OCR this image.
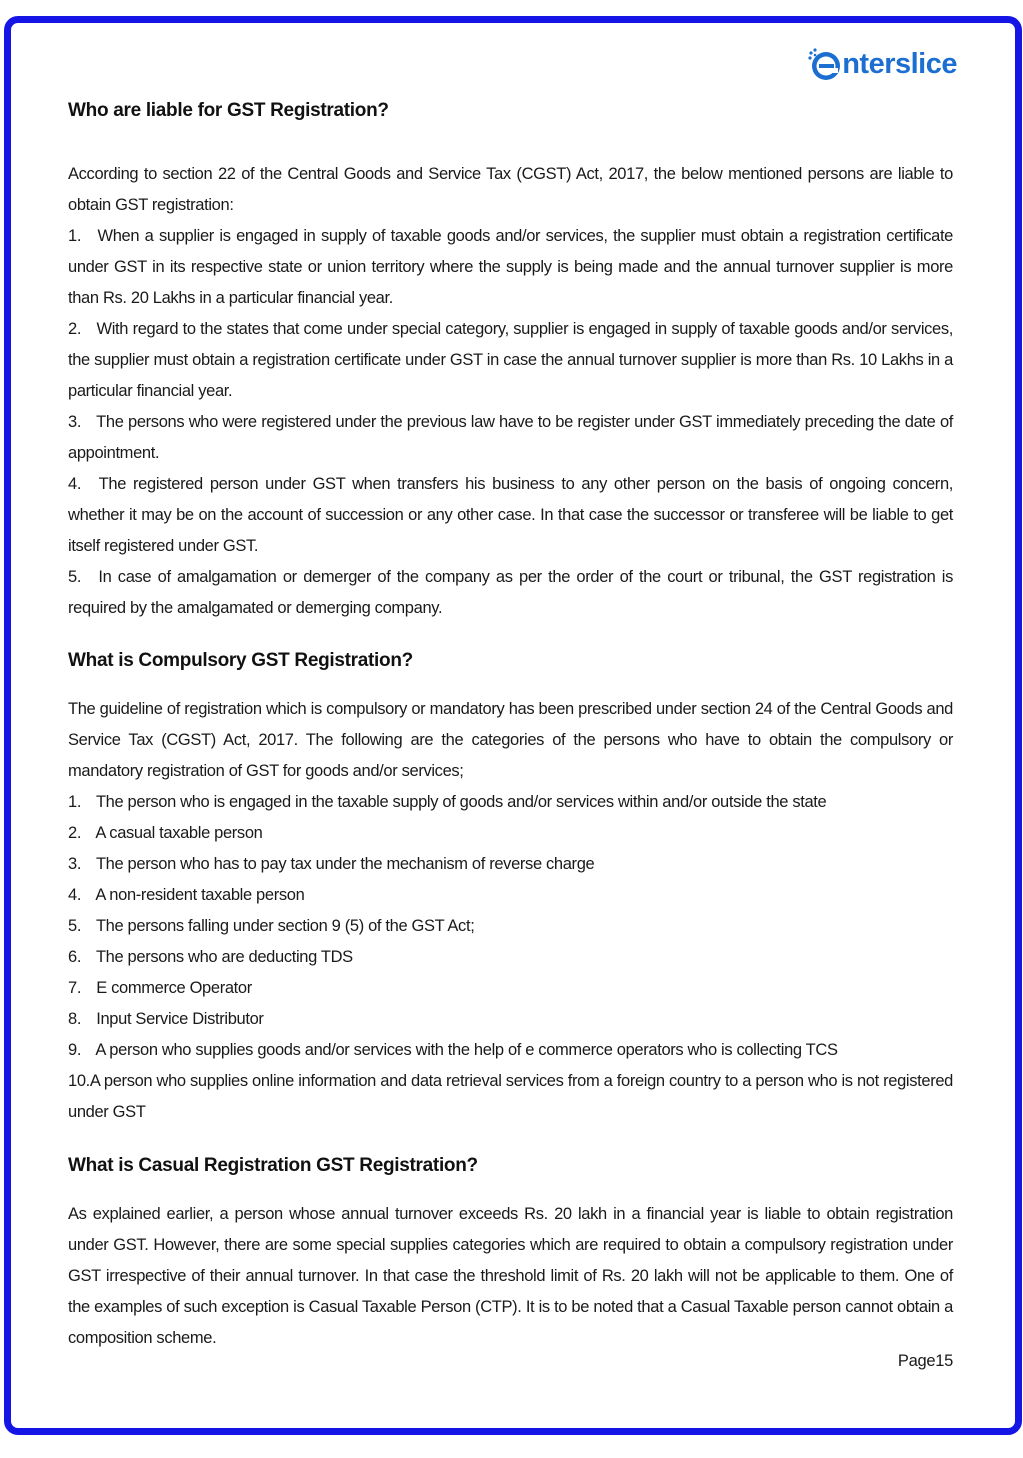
nterslice
Who are liable for GST Registration?

According to section 22 of the Central Goods and Service Tax (CGST) Act, 2017, the below mentioned persons are liable to obtain GST registration:

1. When a supplier is engaged in supply of taxable goods and/or services, the supplier must obtain a registration certificate under GST in its respective state or union territory where the supply is being made and the annual turnover supplier is more than Rs. 20 Lakhs in a particular financial year.
2. With regard to the states that come under special category, supplier is engaged in supply of taxable goods and/or services, the supplier must obtain a registration certificate under GST in case the annual turnover supplier is more than Rs. 10 Lakhs in a particular financial year.
3. The persons who were registered under the previous law have to be register under GST immediately preceding the date of appointment.
4. The registered person under GST when transfers his business to any other person on the basis of ongoing concern, whether it may be on the account of succession or any other case. In that case the successor or transferee will be liable to get itself registered under GST.
5. In case of amalgamation or demerger of the company as per the order of the court or tribunal, the GST registration is required by the amalgamated or demerging company.
What is Compulsory GST Registration?

The guideline of registration which is compulsory or mandatory has been prescribed under section 24 of the Central Goods and Service Tax (CGST) Act, 2017. The following are the categories of the persons who have to obtain the compulsory or mandatory registration of GST for goods and/or services;

1. The person who is engaged in the taxable supply of goods and/or services within and/or outside the state
2. A casual taxable person
3. The person who has to pay tax under the mechanism of reverse charge
4. A non-resident taxable person
5. The persons falling under section 9 (5) of the GST Act;
6. The persons who are deducting TDS
7. E commerce Operator
8. Input Service Distributor
9. A person who supplies goods and/or services with the help of e commerce operators who is collecting TCS
10.A person who supplies online information and data retrieval services from a foreign country to a person who is not registered under GST
What is Casual Registration GST Registration?

As explained earlier, a person whose annual turnover exceeds Rs. 20 lakh in a financial year is liable to obtain registration under GST. However, there are some special supplies categories which are required to obtain a compulsory registration under GST irrespective of their annual turnover. In that case the threshold limit of Rs. 20 lakh will not be applicable to them. One of the examples of such exception is Casual Taxable Person (CTP). It is to be noted that a Casual Taxable person cannot obtain a composition scheme.

Page15
